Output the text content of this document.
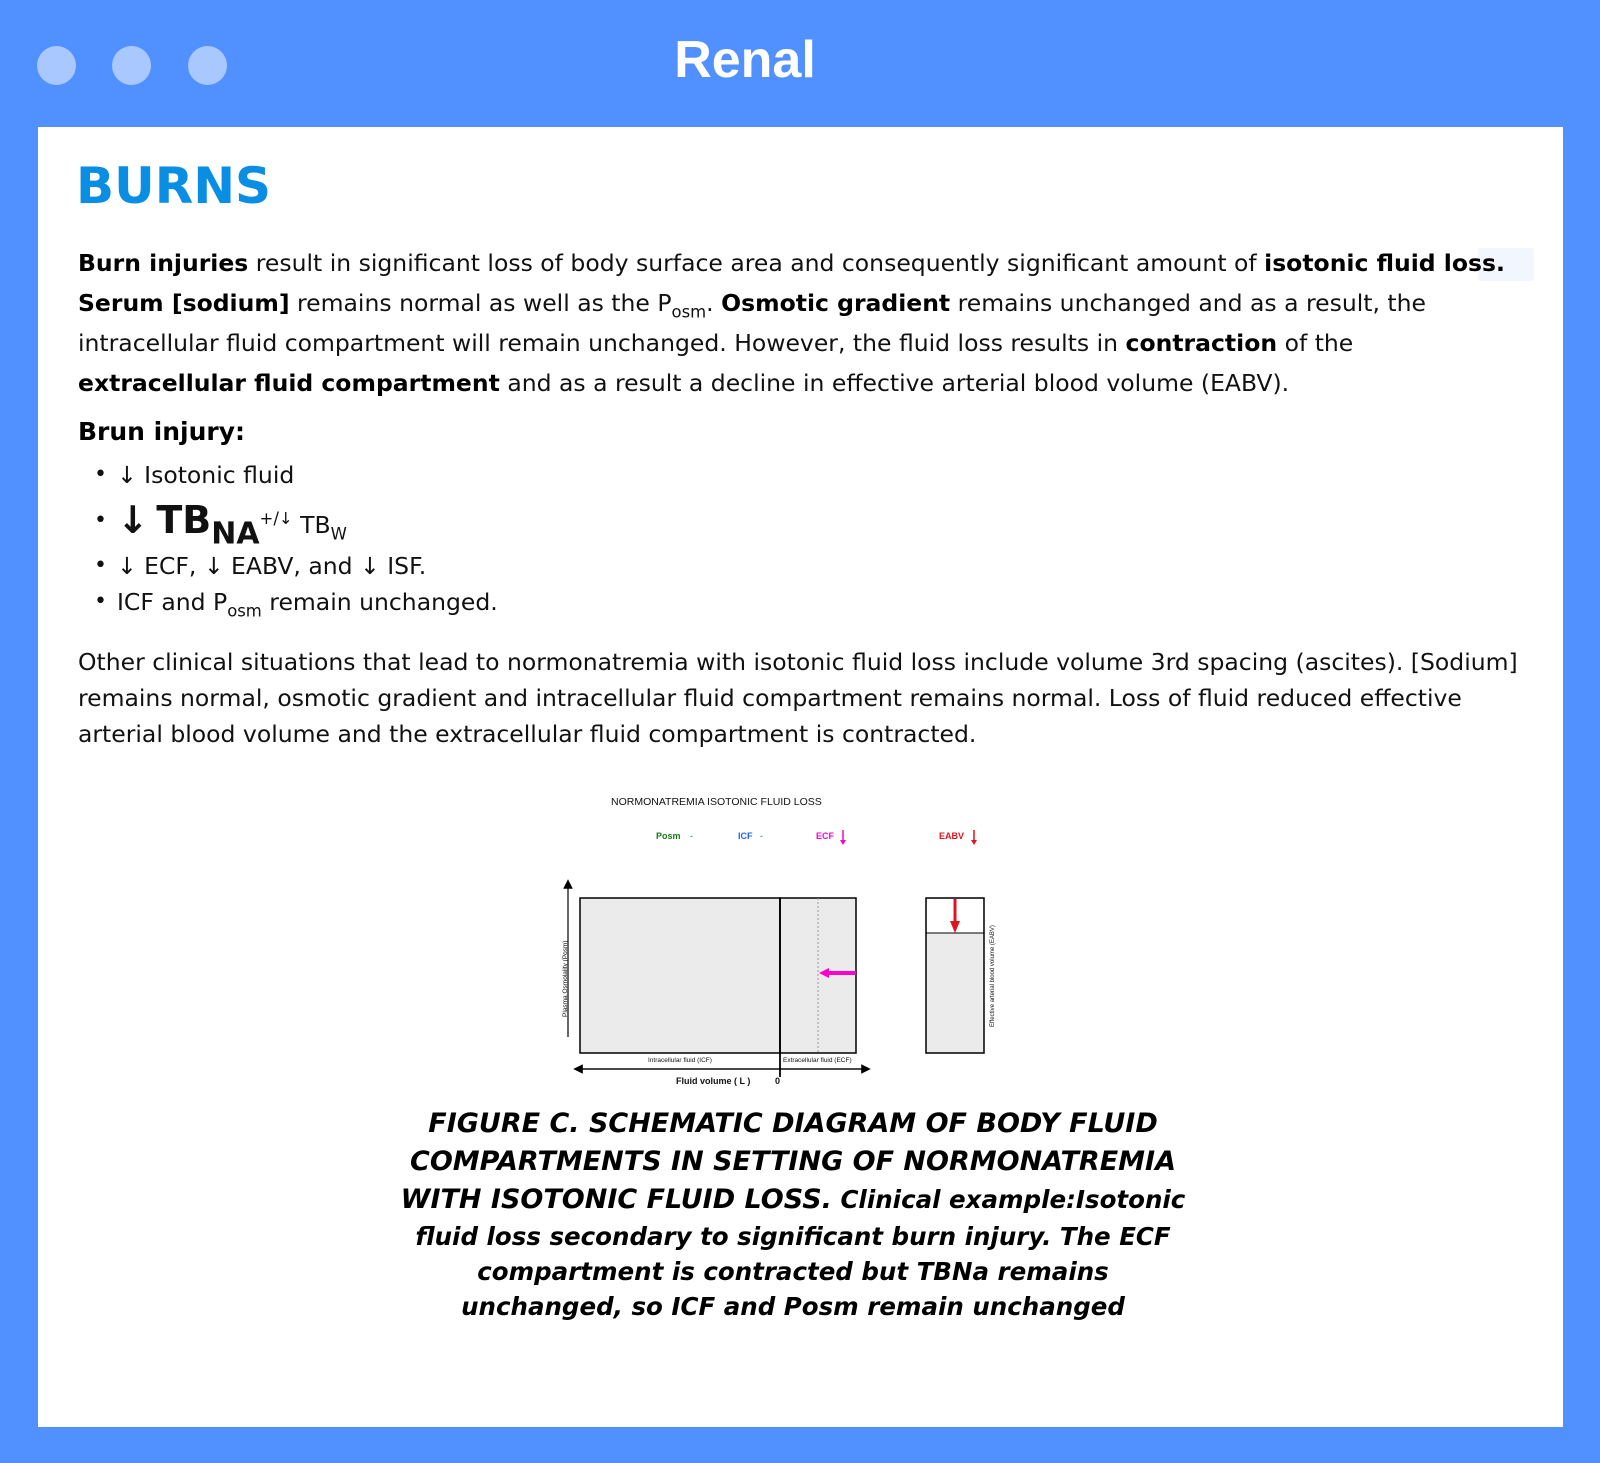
Renal
BURNS

Burn injuries result in significant loss of body surface area and consequently significant amount of isotonic fluid loss.
Serum [sodium] remains normal as well as the $P_{osm}$. Osmotic gradient remains unchanged and as a result, the intracellular fluid compartment will remain unchanged. However, the fluid loss results in contraction of the extracellular fluid compartment and as a result a decline in effective arterial blood volume (EABV).

Brun injury:
• ↓ Isotonic fluid
• ↓ TBNA+/↓ $TB_W$
• ↓ ECF, ↓ EABV, and ↓ ISF.
• ICF and $P_{osm}$ remain unchanged.

Other clinical situations that lead to normonatremia with isotonic fluid loss include volume 3rd spacing (ascites). [Sodium] remains normal, osmotic gradient and intracellular fluid compartment remains normal. Loss of fluid reduced effective arterial blood volume and the extracellular fluid compartment is contracted.

NORMONATREMIA ISOTONIC FLUID LOSS
Posm -	ICF -	ECF	EABV
Plasma Osmolality (Posm)
Intracellular fluid (ICF)	Extracellular fluid (ECF)
Fluid volume ( L )	0
Effective arterial blood volume (EABV)

FIGURE C. SCHEMATIC DIAGRAM OF BODY FLUID COMPARTMENTS IN SETTING OF NORMONATREMIA WITH ISOTONIC FLUID LOSS. Clinical example:Isotonic fluid loss secondary to significant burn injury. The ECF compartment is contracted but TBNa remains unchanged, so ICF and Posm remain unchanged
